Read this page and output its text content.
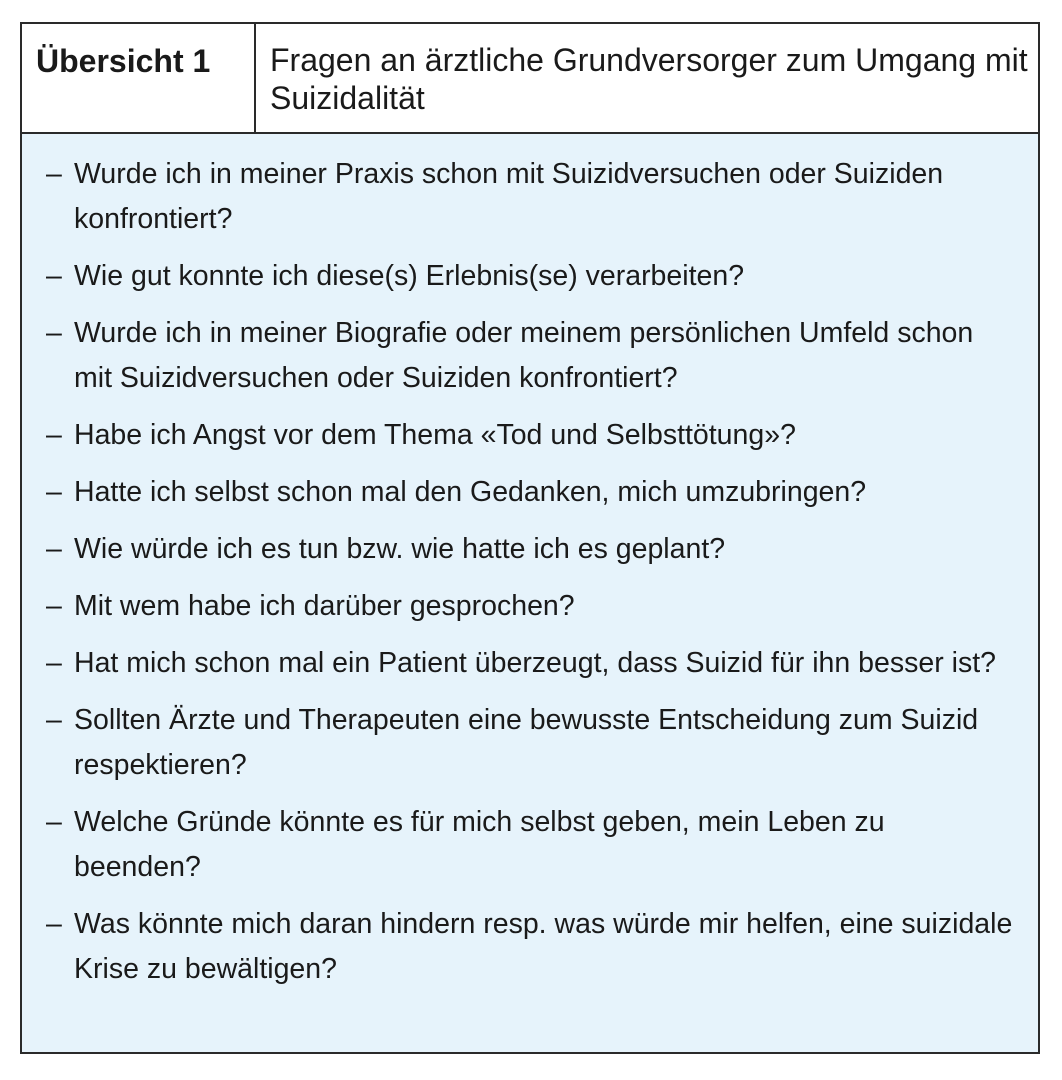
Übersicht 1	Fragen an ärztliche Grundversorger zum Umgang mit Suizidalität
– Wurde ich in meiner Praxis schon mit Suizidversuchen oder Suiziden konfrontiert?
– Wie gut konnte ich diese(s) Erlebnis(se) verarbeiten?
– Wurde ich in meiner Biografie oder meinem persönlichen Umfeld schon mit Suizidversuchen oder Suiziden konfrontiert?
– Habe ich Angst vor dem Thema «Tod und Selbsttötung»?
– Hatte ich selbst schon mal den Gedanken, mich umzubringen?
– Wie würde ich es tun bzw. wie hatte ich es geplant?
– Mit wem habe ich darüber gesprochen?
– Hat mich schon mal ein Patient überzeugt, dass Suizid für ihn besser ist?
– Sollten Ärzte und Therapeuten eine bewusste Entscheidung zum Suizid respektieren?
– Welche Gründe könnte es für mich selbst geben, mein Leben zu beenden?
– Was könnte mich daran hindern resp. was würde mir helfen, eine suizidale Krise zu bewältigen?
